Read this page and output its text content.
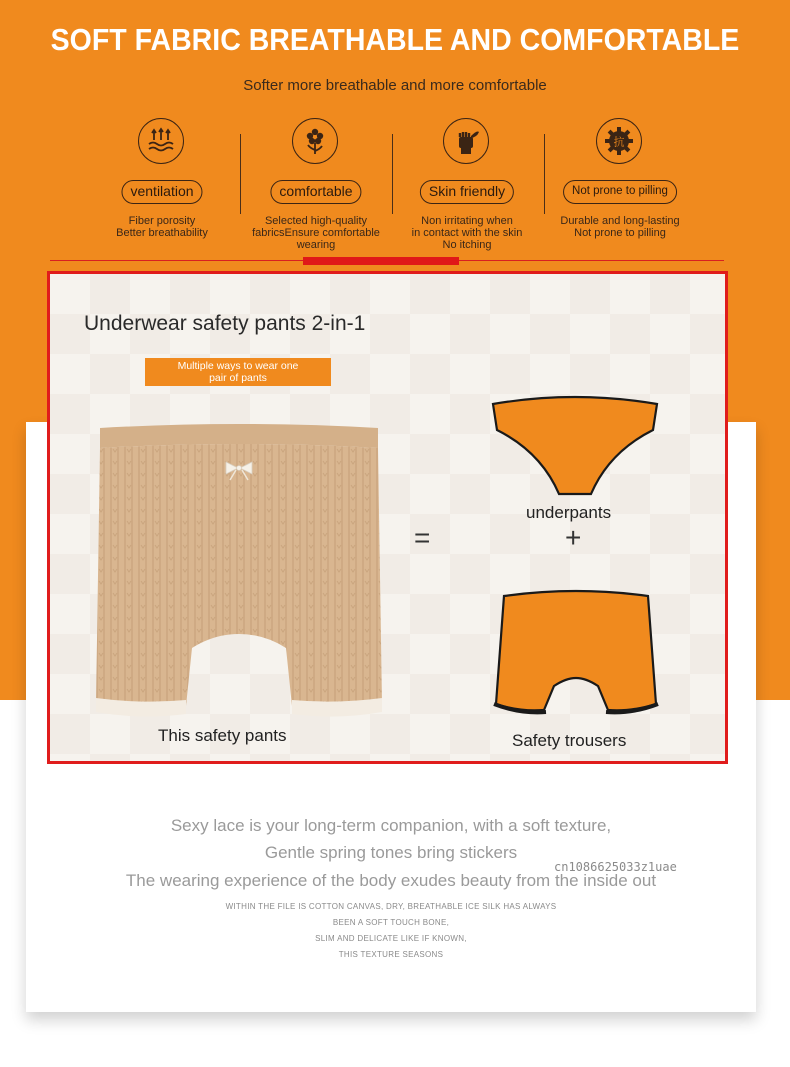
SOFT FABRIC BREATHABLE AND COMFORTABLE
Softer more breathable and more comfortable
ventilation
Fiber porosity
Better breathability
comfortable
Selected high-quality
fabricsEnsure comfortable
wearing
Skin friendly
Non irritating when
in contact with the skin
No itching
抗
Not prone to pilling
Durable and long-lasting
Not prone to pilling
Underwear safety pants 2-in-1
Multiple ways to wear one
pair of pants
This safety pants
=
underpants
+
Safety trousers
Sexy lace is your long-term companion, with a soft texture,
Gentle spring tones bring stickers
The wearing experience of the body exudes beauty from the inside out
WITHIN THE FILE IS COTTON CANVAS, DRY, BREATHABLE ICE SILK HAS ALWAYS
BEEN A SOFT TOUCH BONE,
SLIM AND DELICATE LIKE IF KNOWN,
THIS TEXTURE SEASONS
cn1086625033z1uae
